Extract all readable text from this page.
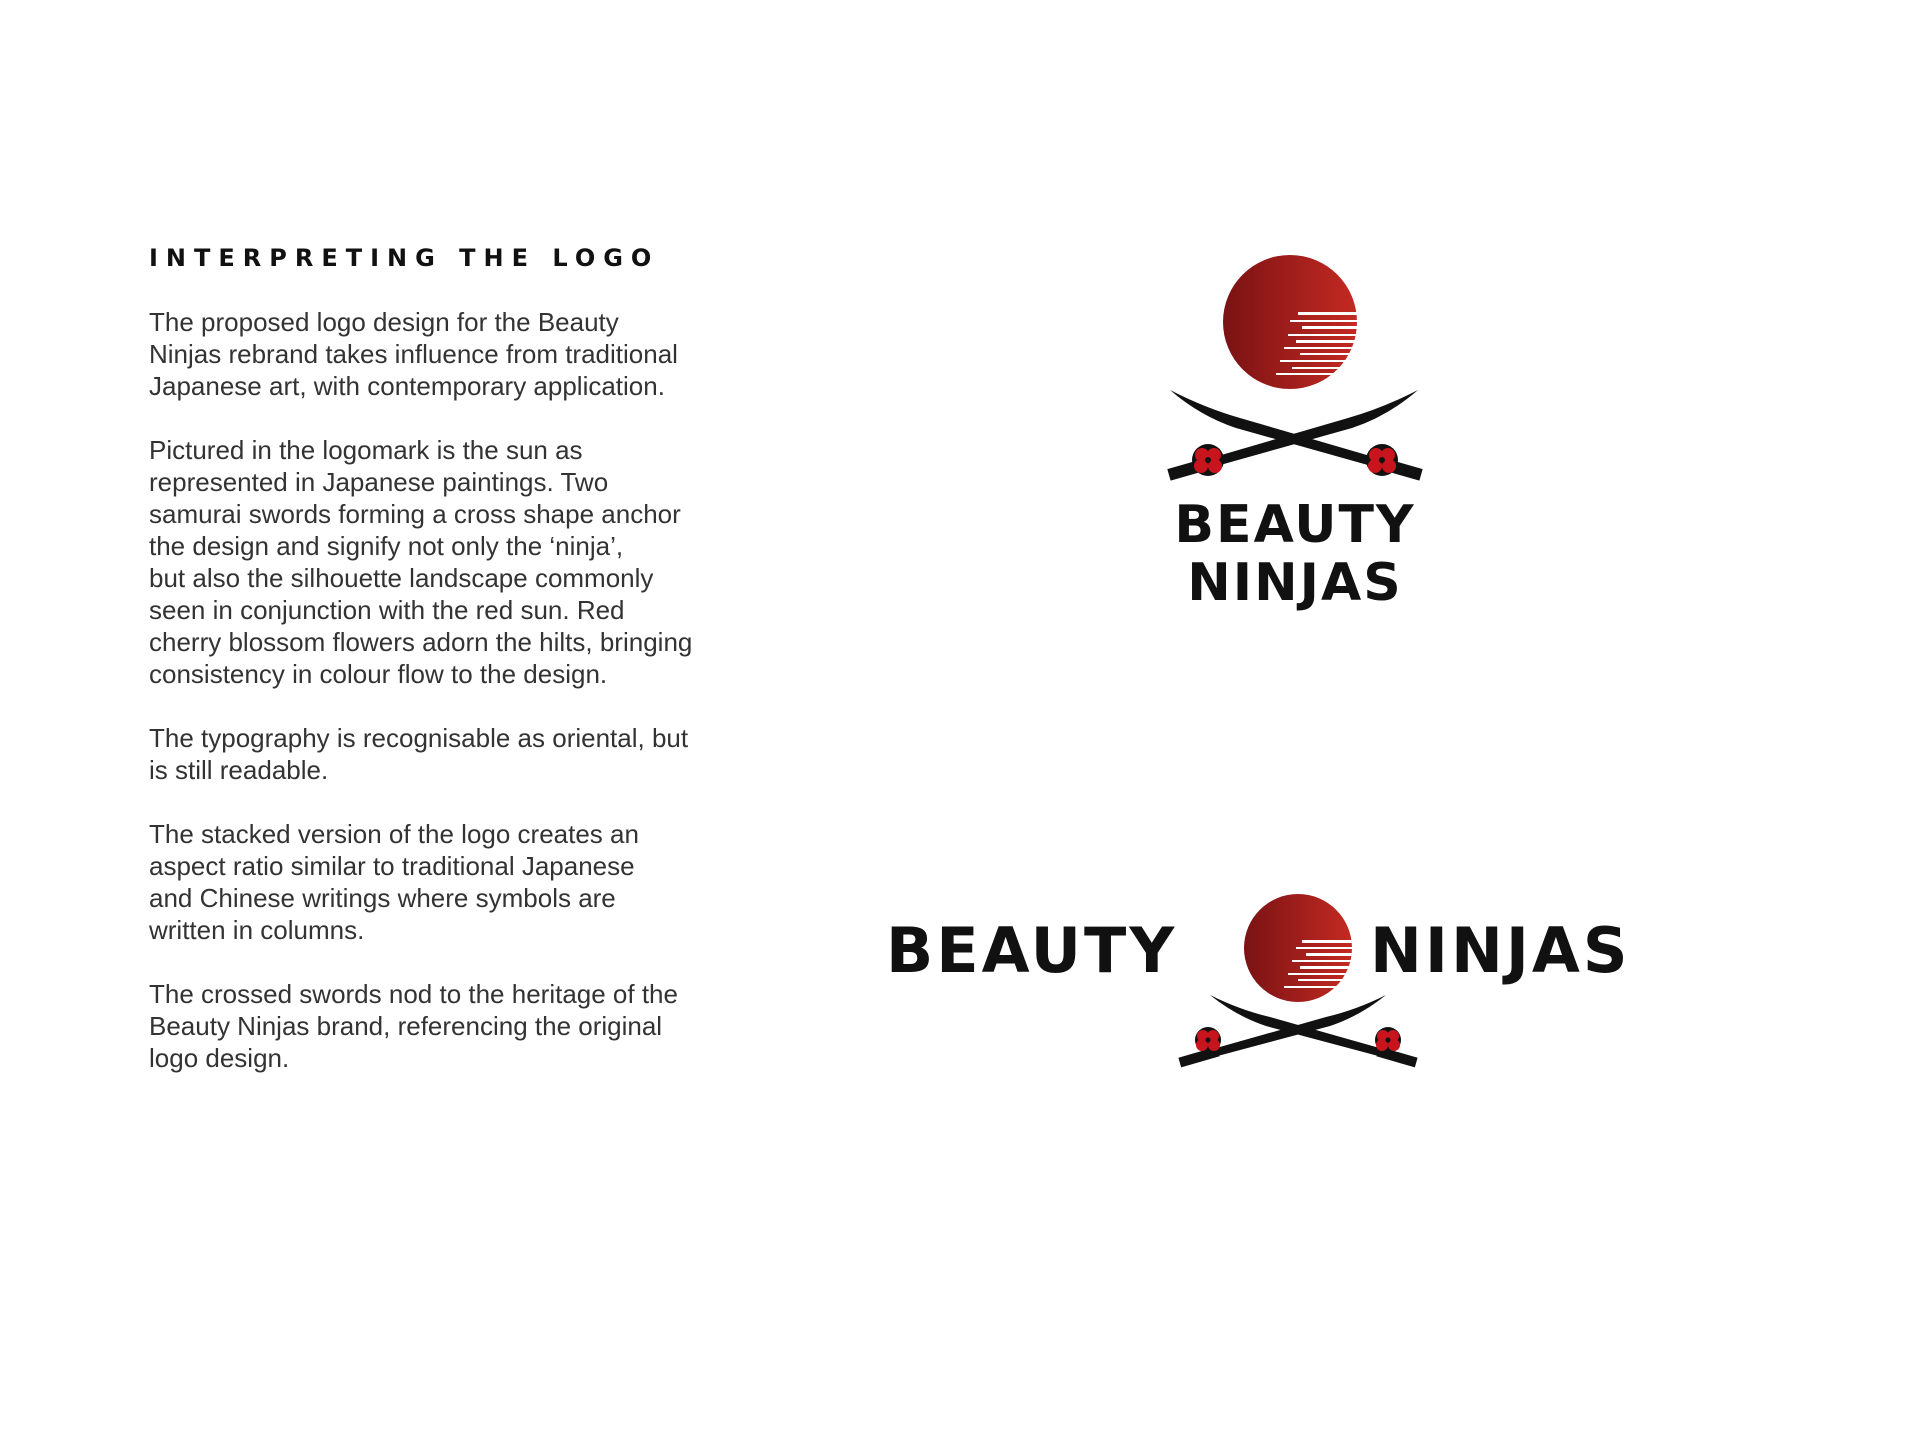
INTERPRETING THE LOGO

The proposed logo design for the Beauty
Ninjas rebrand takes influence from traditional
Japanese art, with contemporary application.

Pictured in the logomark is the sun as
represented in Japanese paintings. Two
samurai swords forming a cross shape anchor
the design and signify not only the ‘ninja’,
but also the silhouette landscape commonly
seen in conjunction with the red sun. Red
cherry blossom flowers adorn the hilts, bringing
consistency in colour flow to the design.

The typography is recognisable as oriental, but
is still readable.

The stacked version of the logo creates an
aspect ratio similar to traditional Japanese
and Chinese writings where symbols are
written in columns.

The crossed swords nod to the heritage of the
Beauty Ninjas brand, referencing the original
logo design.

BEAUTY
NINJAS
BEAUTY	NINJAS
